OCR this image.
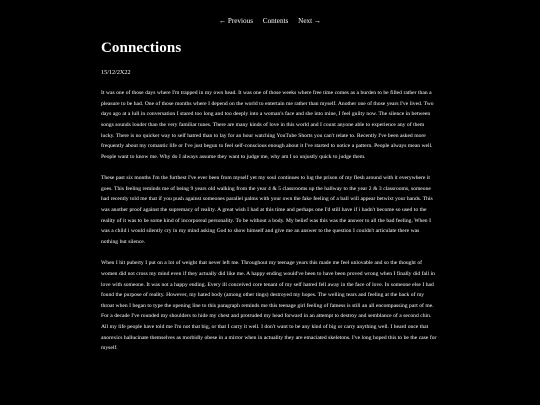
← Previous Contents Next →
Connections
15/12/2X22

It was one of those days where I'm trapped in my own head. It was one of those weeks where free time comes as a burden to be filled rather than a pleasure to be had. One of those months where I depend on the world to entertain me rather than myself. Another one of those years I've lived. Two days ago at a lull in conversation I stared too long and too deeply into a woman's face and she into mine, I feel guilty now. The silence in between songs sounds louder than the very familiar tunes. There are many kinds of love in this world and I count anyone able to experience any of them lucky. There is no quicker way to self hatred than to lay for an hour watching YouTube Shorts you can't relate to. Recently I've been asked more frequently about my romantic life or I've just begun to feel self-conscious enough about it I've started to notice a pattern. People always mean well. People want to know me. Why do I always assume they want to judge me, why am I so unjustly quick to judge them.

These past six months I'm the furthest I've ever been from myself yet my soul continues to lug the prison of my flesh around with it everywhere it goes. This feeling reminds me of being 9 years old walking from the year 4 & 5 classrooms up the hallway to the year 2 & 3 classrooms, someone had recently told me that if you push against someones parallel palms with your own the fake feeling of a ball will appear betwixt your hands. This was another proof against the supremacy of reality. A great wish I had at this time and perhaps one I'd still have if i hadn't become so used to the reality of it was to be some kind of incorporeal personality. To be without a body. My belief was this was the answer to all the bad feeling. When I was a child i would silently cry in my mind asking God to show himself and give me an answer to the question I couldn't articulate there was nothing but silence.

When I hit puberty I put on a lot of weight that never left me. Throughout my teenage years this made me feel unlovable and so the thought of women did not cross my mind even if they actually did like me. A happy ending would've been to have been proved wrong when I finally did fall in love with someone. It was not a happy ending. Every ill conceived core tenant of my self hatred fell away in the face of love. In someone else I had found the purpose of reality. However, my hated body (among other tings) destroyed my hopes. The welling tears and feeling at the back of my throat when I began to type the opening line to this paragraph reminds me this teenage girl feeling of fatness is still an all encompassing part of me. For a decade I've rounded my shoulders to hide my chest and protruded my head forward in an attempt to destroy and semblance of a second chin. All my life people have told me I'm not that big, or that I carry it well. I don't want to be any kind of big or carry anything well. I heard once that anorexics hallucinate themselves as morbidly obese in a mirror when in actuality they are emaciated skeletons. I've long hoped this to be the case for myself.
